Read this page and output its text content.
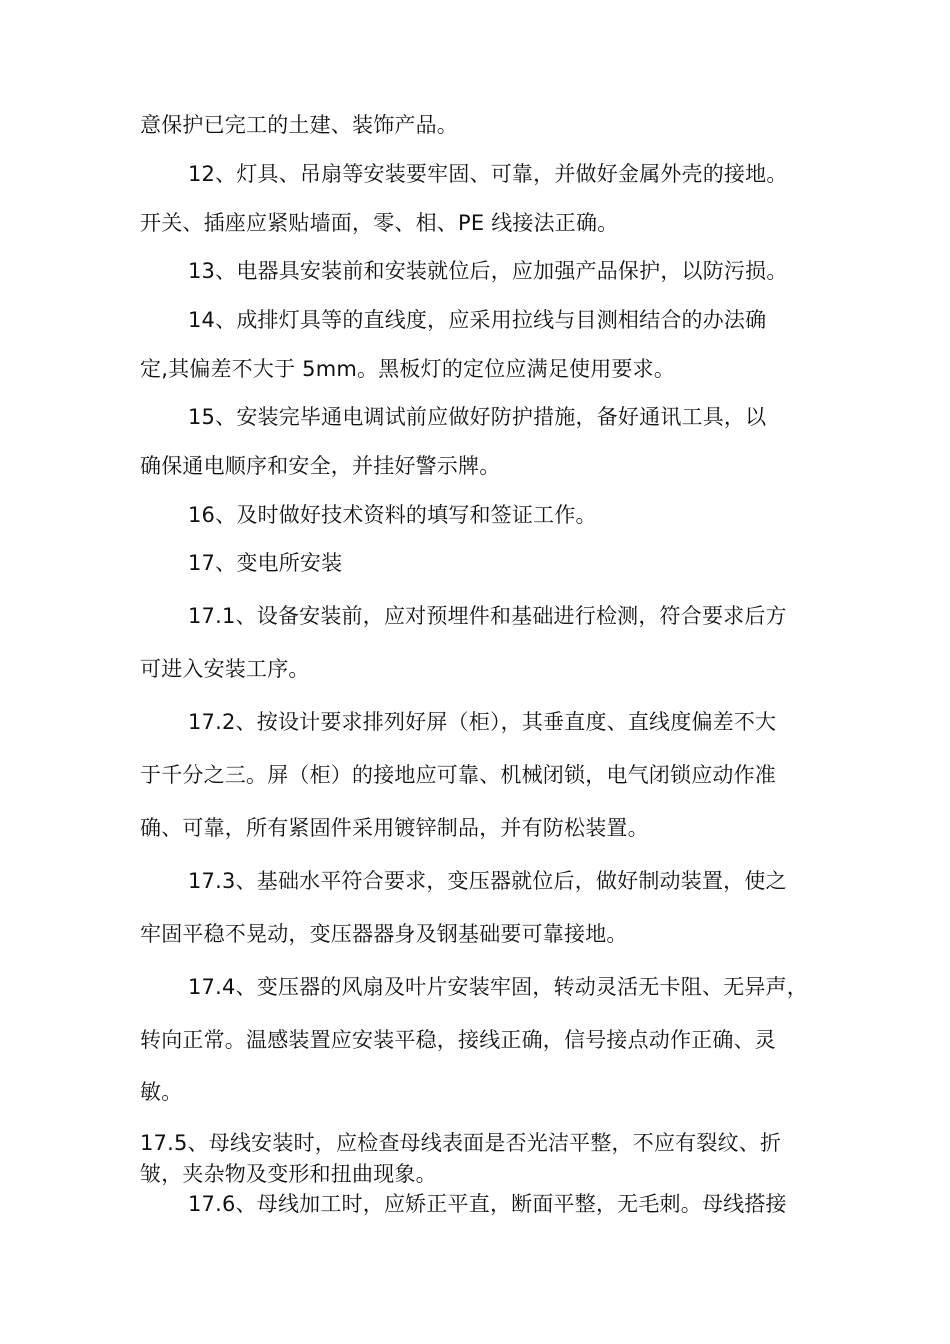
意保护已完工的土建、装饰产品。
12、灯具、吊扇等安装要牢固、可靠，并做好金属外壳的接地。
开关、插座应紧贴墙面，零、相、PE 线接法正确。
13、电器具安装前和安装就位后，应加强产品保护，以防污损。
14、成排灯具等的直线度，应采用拉线与目测相结合的办法确
定,其偏差不大于 5mm。黑板灯的定位应满足使用要求。
15、安装完毕通电调试前应做好防护措施，备好通讯工具，以
确保通电顺序和安全，并挂好警示牌。
16、及时做好技术资料的填写和签证工作。
17、变电所安装
17.1、设备安装前，应对预埋件和基础进行检测，符合要求后方
可进入安装工序。
17.2、按设计要求排列好屏（柜），其垂直度、直线度偏差不大
于千分之三。屏（柜）的接地应可靠、机械闭锁，电气闭锁应动作准
确、可靠，所有紧固件采用镀锌制品，并有防松装置。
17.3、基础水平符合要求，变压器就位后，做好制动装置，使之
牢固平稳不晃动，变压器器身及钢基础要可靠接地。
17.4、变压器的风扇及叶片安装牢固，转动灵活无卡阻、无异声，
转向正常。温感装置应安装平稳，接线正确，信号接点动作正确、灵
敏。
17.5、母线安装时，应检查母线表面是否光洁平整，不应有裂纹、折
皱，夹杂物及变形和扭曲现象。
17.6、母线加工时，应矫正平直，断面平整，无毛刺。母线搭接
